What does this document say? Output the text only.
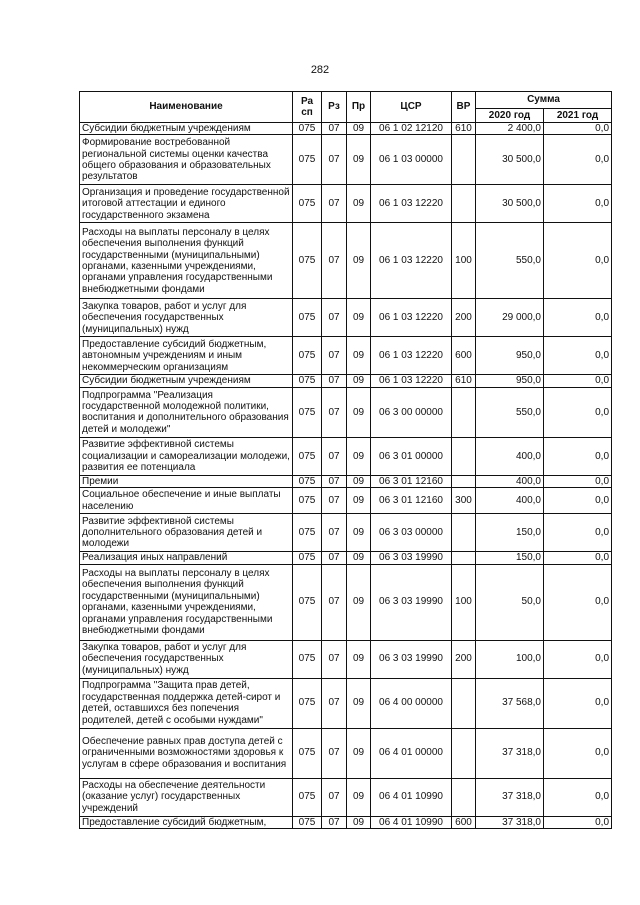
282
Наименование	Ра сп	Рз	Пр	ЦСР	ВР	Сумма	
						2020 год	2021 год
Субсидии бюджетным учреждениям	075	07	09	06 1 02 12120	610	2 400,0	0,0
Формирование востребованной региональной системы оценки качества общего образования и образовательных результатов	075	07	09	06 1 03 00000		30 500,0	0,0
Организация и проведение государственной итоговой аттестации и единого государственного экзамена	075	07	09	06 1 03 12220		30 500,0	0,0
Расходы на выплаты персоналу в целях обеспечения выполнения функций государственными (муниципальными) органами, казенными учреждениями, органами управления государственными внебюджетными фондами	075	07	09	06 1 03 12220	100	550,0	0,0
Закупка товаров, работ и услуг для обеспечения государственных (муниципальных) нужд	075	07	09	06 1 03 12220	200	29 000,0	0,0
Предоставление субсидий бюджетным, автономным учреждениям и иным некоммерческим организациям	075	07	09	06 1 03 12220	600	950,0	0,0
Субсидии бюджетным учреждениям	075	07	09	06 1 03 12220	610	950,0	0,0
Подпрограмма "Реализация государственной молодежной политики, воспитания и дополнительного образования детей и молодежи"	075	07	09	06 3 00 00000		550,0	0,0
Развитие эффективной системы социализации и самореализации молодежи, развития ее потенциала	075	07	09	06 3 01 00000		400,0	0,0
Премии	075	07	09	06 3 01 12160		400,0	0,0
Социальное обеспечение и иные выплаты населению	075	07	09	06 3 01 12160	300	400,0	0,0
Развитие эффективной системы дополнительного образования детей и молодежи	075	07	09	06 3 03 00000		150,0	0,0
Реализация иных направлений	075	07	09	06 3 03 19990		150,0	0,0
Расходы на выплаты персоналу в целях обеспечения выполнения функций государственными (муниципальными) органами, казенными учреждениями, органами управления государственными внебюджетными фондами	075	07	09	06 3 03 19990	100	50,0	0,0
Закупка товаров, работ и услуг для обеспечения государственных (муниципальных) нужд	075	07	09	06 3 03 19990	200	100,0	0,0
Подпрограмма "Защита прав детей, государственная поддержка детей-сирот и детей, оставшихся без попечения родителей, детей с особыми нуждами"	075	07	09	06 4 00 00000		37 568,0	0,0
Обеспечение равных прав доступа детей с ограниченными возможностями здоровья к услугам в сфере образования и воспитания	075	07	09	06 4 01 00000		37 318,0	0,0
Расходы на обеспечение деятельности (оказание услуг) государственных учреждений	075	07	09	06 4 01 10990		37 318,0	0,0
Предоставление субсидий бюджетным,	075	07	09	06 4 01 10990	600	37 318,0	0,0
